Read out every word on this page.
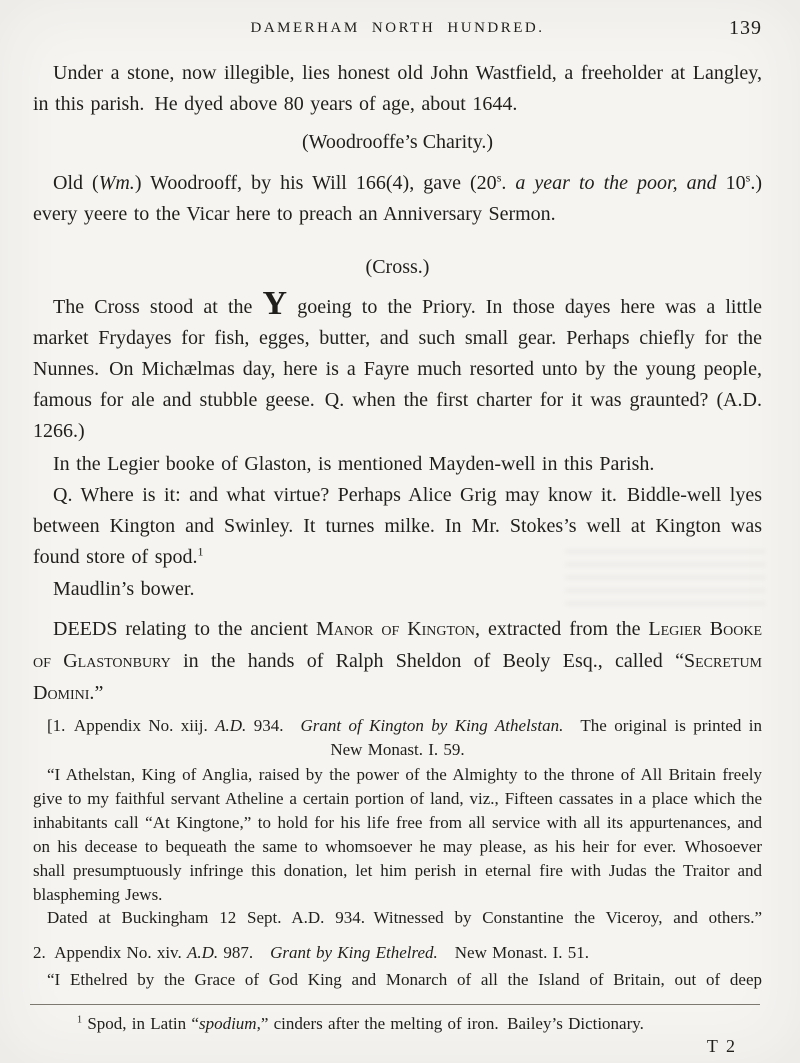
DAMERHAM NORTH HUNDRED.	139

Under a stone, now illegible, lies honest old John Wastfield, a freeholder at Langley, in this parish. He dyed above 80 years of age, about 1644.

(Woodrooffe’s Charity.)

Old (Wm.) Woodrooff, by his Will 166(4), gave (20$^s$. a year to the poor, and 10$^s$.) every yeere to the Vicar here to preach an Anniversary Sermon.

(Cross.)

The Cross stood at the Y goeing to the Priory. In those dayes here was a little market Frydayes for fish, egges, butter, and such small gear. Perhaps chiefly for the Nunnes. On Michælmas day, here is a Fayre much resorted unto by the young people, famous for ale and stubble geese. Q. when the first charter for it was graunted? (A.D. 1266.)

In the Legier booke of Glaston, is mentioned Mayden-well in this Parish.

Q. Where is it: and what virtue? Perhaps Alice Grig may know it. Biddle-well lyes between Kington and Swinley. It turnes milke. In Mr. Stokes’s well at Kington was found store of spod.$^1$

Maudlin’s bower.

DEEDS relating to the ancient Manor of Kington, extracted from the Legier Booke of Glastonbury in the hands of Ralph Sheldon of Beoly Esq., called “Secretum Domini.”

[1. Appendix No. xiij. A.D. 934.  Grant of Kington by King Athelstan.  The original is printed in New Monast. I. 59.

“I Athelstan, King of Anglia, raised by the power of the Almighty to the throne of All Britain freely give to my faithful servant Atheline a certain portion of land, viz., Fifteen cassates in a place which the inhabitants call “At Kingtone,” to hold for his life free from all service with all its appurtenances, and on his decease to bequeath the same to whomsoever he may please, as his heir for ever. Whosoever shall presumptuously infringe this donation, let him perish in eternal fire with Judas the Traitor and blaspheming Jews.

Dated at Buckingham 12 Sept. A.D. 934. Witnessed by Constantine the Viceroy, and others.”

2. Appendix No. xiv. A.D. 987.  Grant by King Ethelred.  New Monast. I. 51.

“I Ethelred by the Grace of God King and Monarch of all the Island of Britain, out of deep

$^1$ Spod, in Latin “spodium,” cinders after the melting of iron. Bailey’s Dictionary.

T 2
